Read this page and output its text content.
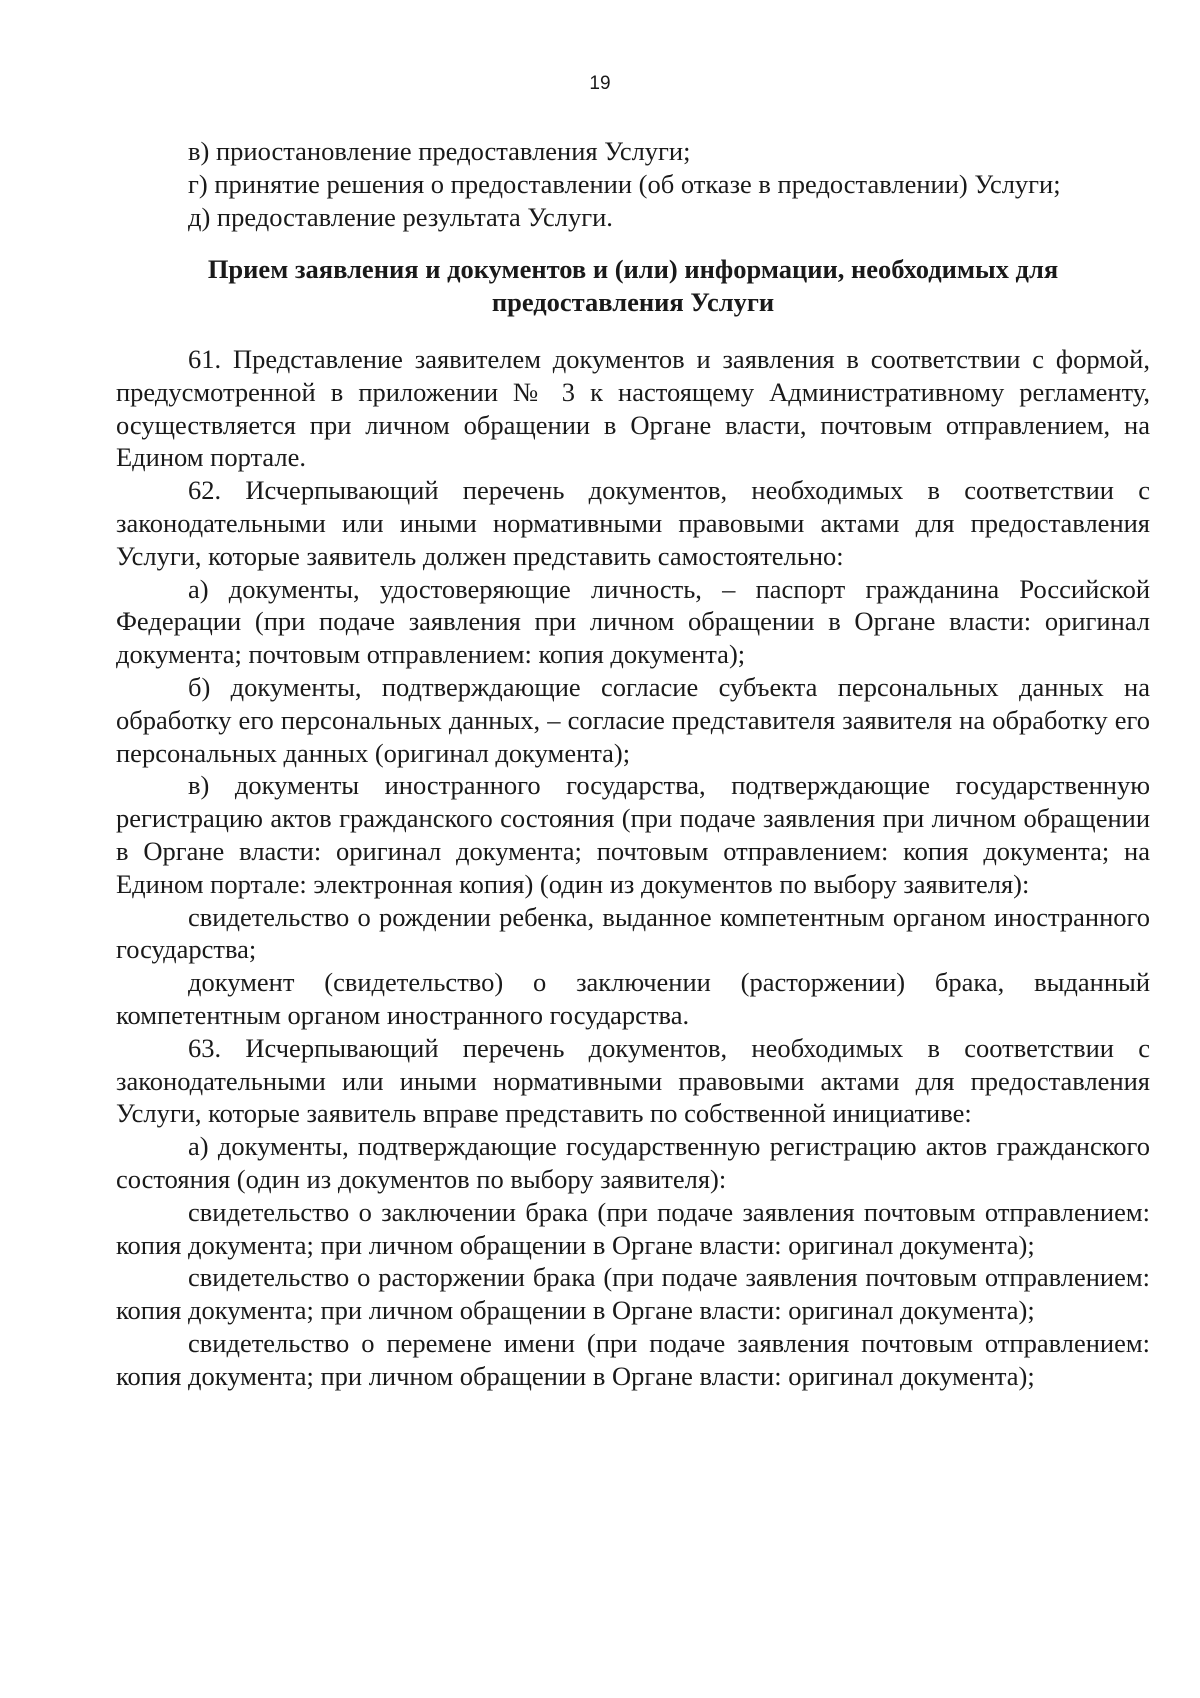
19

в) приостановление предоставления Услуги;

г) принятие решения о предоставлении (об отказе в предоставлении) Услуги;

д) предоставление результата Услуги.

Прием заявления и документов и (или) информации, необходимых для
предоставления Услуги

61. Представление заявителем документов и заявления в соответствии с формой, предусмотренной в приложении № 3 к настоящему Административному регламенту, осуществляется при личном обращении в Органе власти, почтовым отправлением, на Едином портале.

62. Исчерпывающий перечень документов, необходимых в соответствии с законодательными или иными нормативными правовыми актами для предоставления Услуги, которые заявитель должен представить самостоятельно:

а) документы, удостоверяющие личность, – паспорт гражданина Российской Федерации (при подаче заявления при личном обращении в Органе власти: оригинал документа; почтовым отправлением: копия документа);

б) документы, подтверждающие согласие субъекта персональных данных на обработку его персональных данных, – согласие представителя заявителя на обработку его персональных данных (оригинал документа);

в) документы иностранного государства, подтверждающие государственную регистрацию актов гражданского состояния (при подаче заявления при личном обращении в Органе власти: оригинал документа; почтовым отправлением: копия документа; на Едином портале: электронная копия) (один из документов по выбору заявителя):

свидетельство о рождении ребенка, выданное компетентным органом иностранного государства;

документ (свидетельство) о заключении (расторжении) брака, выданный компетентным органом иностранного государства.

63. Исчерпывающий перечень документов, необходимых в соответствии с законодательными или иными нормативными правовыми актами для предоставления Услуги, которые заявитель вправе представить по собственной инициативе:

а) документы, подтверждающие государственную регистрацию актов гражданского состояния (один из документов по выбору заявителя):

свидетельство о заключении брака (при подаче заявления почтовым отправлением: копия документа; при личном обращении в Органе власти: оригинал документа);

свидетельство о расторжении брака (при подаче заявления почтовым отправлением: копия документа; при личном обращении в Органе власти: оригинал документа);

свидетельство о перемене имени (при подаче заявления почтовым отправлением: копия документа; при личном обращении в Органе власти: оригинал документа);
